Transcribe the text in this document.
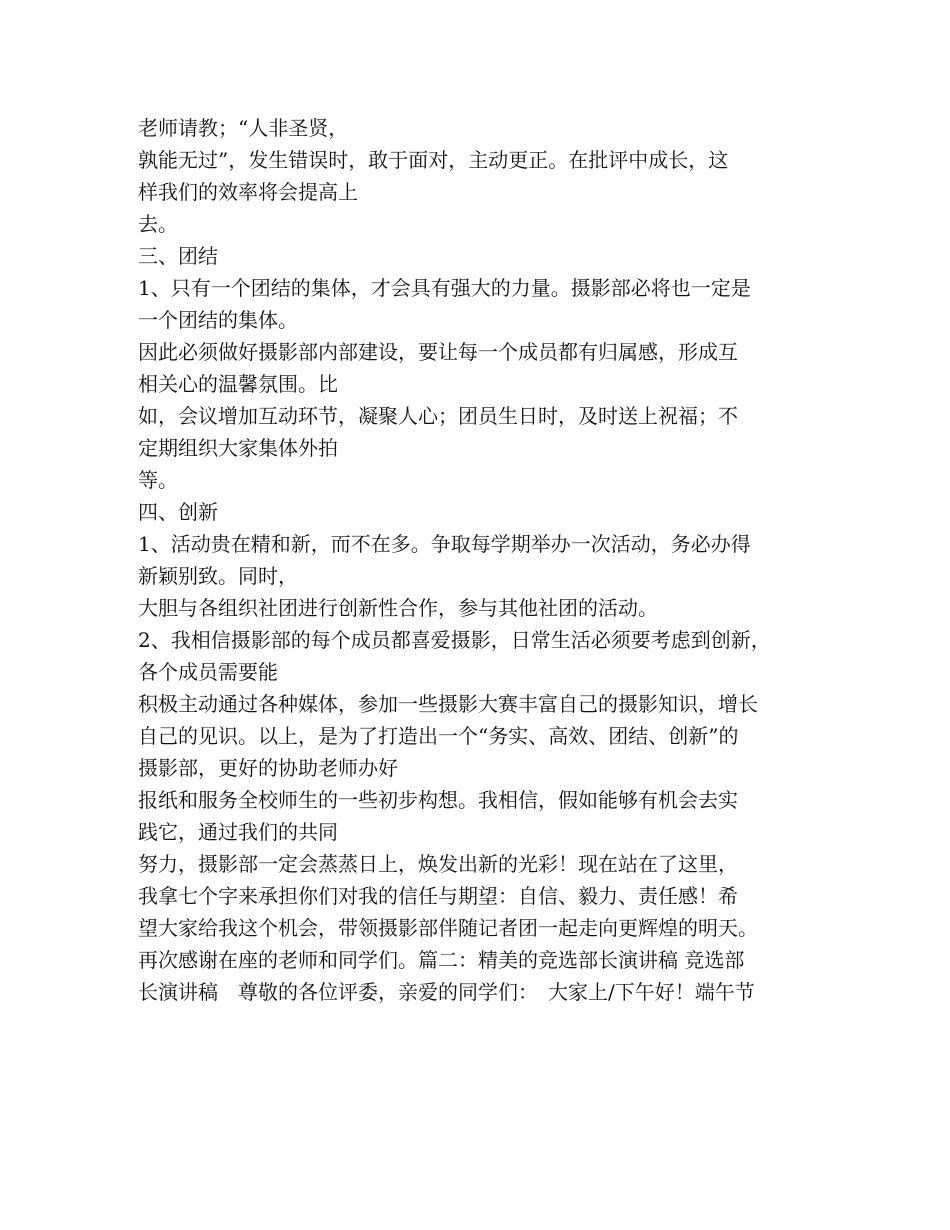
老师请教；“人非圣贤，
孰能无过”，发生错误时，敢于面对，主动更正。在批评中成长，这
样我们的效率将会提高上
去。
三、团结
1、只有一个团结的集体，才会具有强大的力量。摄影部必将也一定是
一个团结的集体。
因此必须做好摄影部内部建设，要让每一个成员都有归属感，形成互
相关心的温馨氛围。比
如，会议增加互动环节，凝聚人心；团员生日时，及时送上祝福；不
定期组织大家集体外拍
等。
四、创新
1、活动贵在精和新，而不在多。争取每学期举办一次活动，务必办得
新颖别致。同时，
大胆与各组织社团进行创新性合作，参与其他社团的活动。
2、我相信摄影部的每个成员都喜爱摄影，日常生活必须要考虑到创新，
各个成员需要能
积极主动通过各种媒体，参加一些摄影大赛丰富自己的摄影知识，增长
自己的见识。以上，是为了打造出一个“务实、高效、团结、创新”的
摄影部，更好的协助老师办好
报纸和服务全校师生的一些初步构想。我相信，假如能够有机会去实
践它，通过我们的共同
努力，摄影部一定会蒸蒸日上，焕发出新的光彩！现在站在了这里，
我拿七个字来承担你们对我的信任与期望：自信、毅力、责任感！希
望大家给我这个机会，带领摄影部伴随记者团一起走向更辉煌的明天。
再次感谢在座的老师和同学们。篇二：精美的竞选部长演讲稿 竞选部
长演讲稿　尊敬的各位评委，亲爱的同学们：　大家上/下午好！端午节
